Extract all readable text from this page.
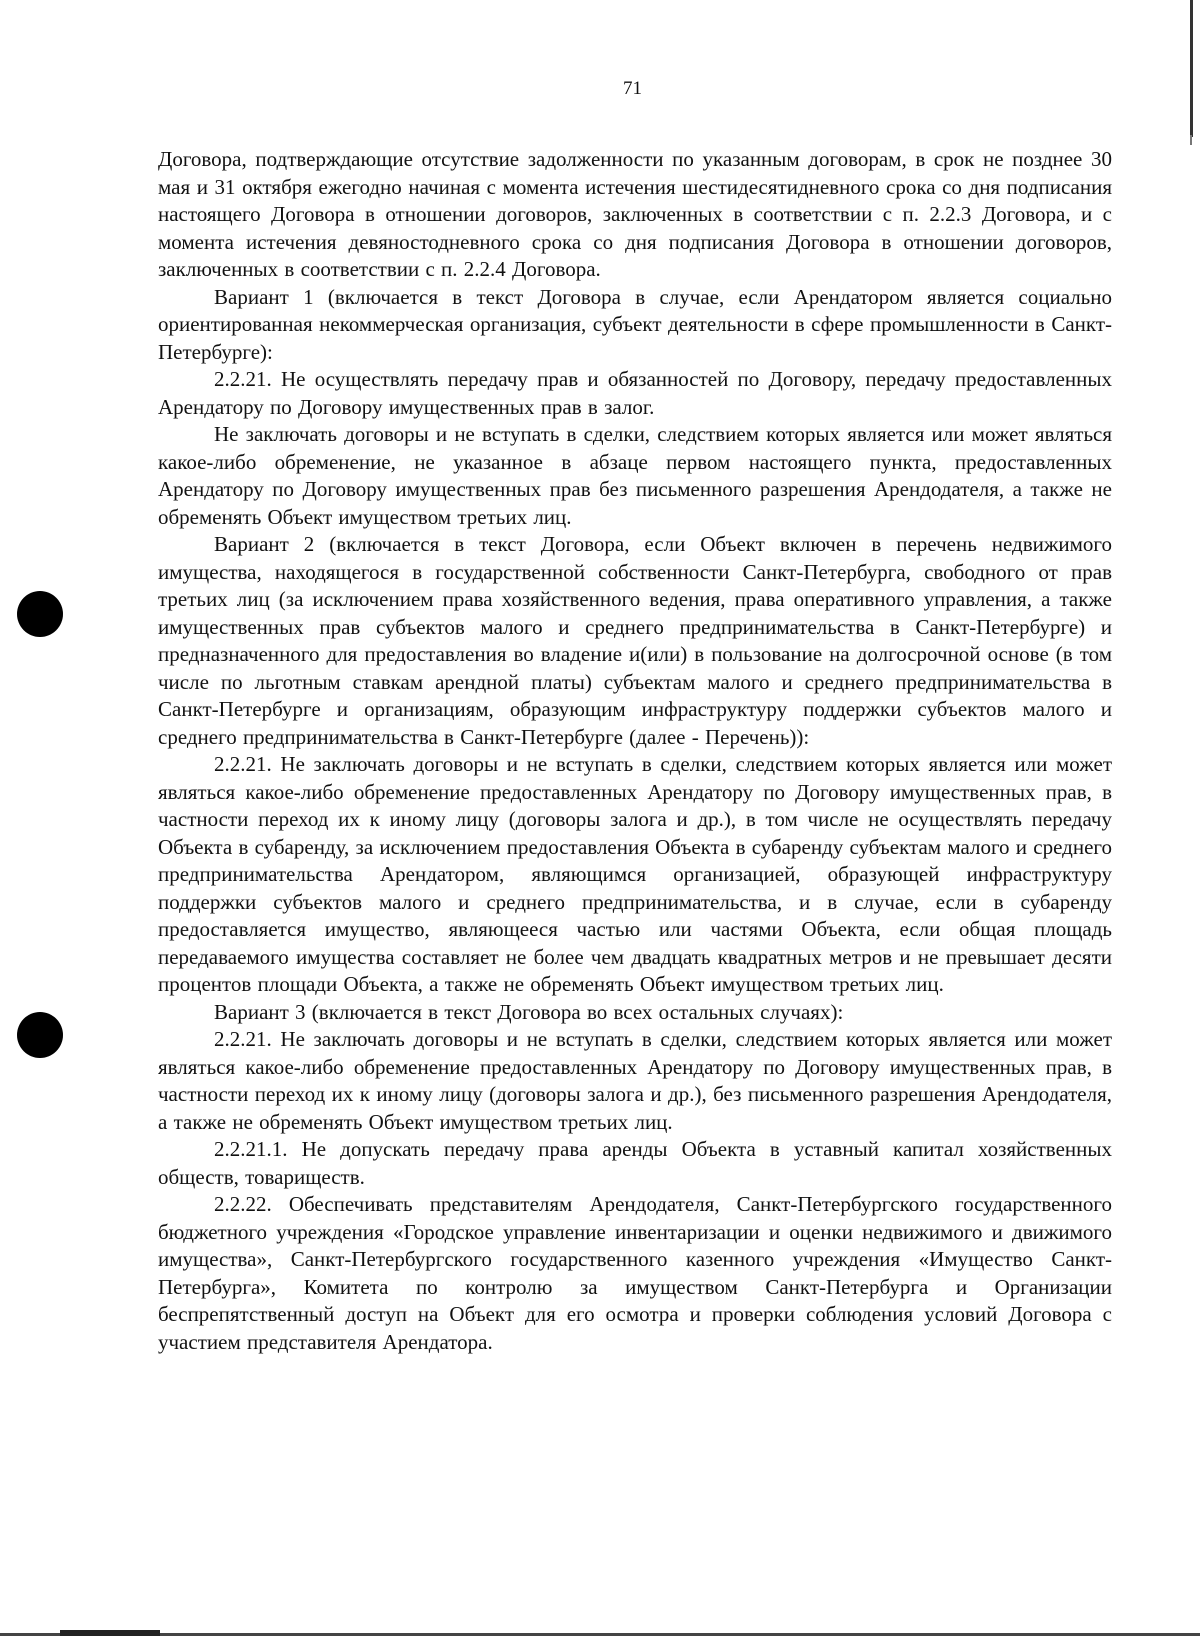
71

Договора, подтверждающие отсутствие задолженности по указанным договорам, в срок не позднее 30 мая и 31 октября ежегодно начиная с момента истечения шестидесятидневного срока со дня подписания настоящего Договора в отношении договоров, заключенных в соответствии с п. 2.2.3 Договора, и с момента истечения девяностодневного срока со дня подписания Договора в отношении договоров, заключенных в соответствии с п. 2.2.4 Договора.

Вариант 1 (включается в текст Договора в случае, если Арендатором является социально ориентированная некоммерческая организация, субъект деятельности в сфере промышленности в Санкт-Петербурге):

2.2.21. Не осуществлять передачу прав и обязанностей по Договору, передачу предоставленных Арендатору по Договору имущественных прав в залог.

Не заключать договоры и не вступать в сделки, следствием которых является или может являться какое-либо обременение, не указанное в абзаце первом настоящего пункта, предоставленных Арендатору по Договору имущественных прав без письменного разрешения Арендодателя, а также не обременять Объект имуществом третьих лиц.

Вариант 2 (включается в текст Договора, если Объект включен в перечень недвижимого имущества, находящегося в государственной собственности Санкт-Петербурга, свободного от прав третьих лиц (за исключением права хозяйственного ведения, права оперативного управления, а также имущественных прав субъектов малого и среднего предпринимательства в Санкт-Петербурге) и предназначенного для предоставления во владение и(или) в пользование на долгосрочной основе (в том числе по льготным ставкам арендной платы) субъектам малого и среднего предпринимательства в Санкт-Петербурге и организациям, образующим инфраструктуру поддержки субъектов малого и среднего предпринимательства в Санкт-Петербурге (далее - Перечень)):

2.2.21. Не заключать договоры и не вступать в сделки, следствием которых является или может являться какое-либо обременение предоставленных Арендатору по Договору имущественных прав, в частности переход их к иному лицу (договоры залога и др.), в том числе не осуществлять передачу Объекта в субаренду, за исключением предоставления Объекта в субаренду субъектам малого и среднего предпринимательства Арендатором, являющимся организацией, образующей инфраструктуру поддержки субъектов малого и среднего предпринимательства, и в случае, если в субаренду предоставляется имущество, являющееся частью или частями Объекта, если общая площадь передаваемого имущества составляет не более чем двадцать квадратных метров и не превышает десяти процентов площади Объекта, а также не обременять Объект имуществом третьих лиц.

Вариант 3 (включается в текст Договора во всех остальных случаях):

2.2.21. Не заключать договоры и не вступать в сделки, следствием которых является или может являться какое-либо обременение предоставленных Арендатору по Договору имущественных прав, в частности переход их к иному лицу (договоры залога и др.), без письменного разрешения Арендодателя, а также не обременять Объект имуществом третьих лиц.

2.2.21.1. Не допускать передачу права аренды Объекта в уставный капитал хозяйственных обществ, товариществ.

2.2.22. Обеспечивать представителям Арендодателя, Санкт-Петербургского государственного бюджетного учреждения «Городское управление инвентаризации и оценки недвижимого и движимого имущества», Санкт-Петербургского государственного казенного учреждения «Имущество Санкт-Петербурга», Комитета по контролю за имуществом Санкт-Петербурга и Организации беспрепятственный доступ на Объект для его осмотра и проверки соблюдения условий Договора с участием представителя Арендатора.
